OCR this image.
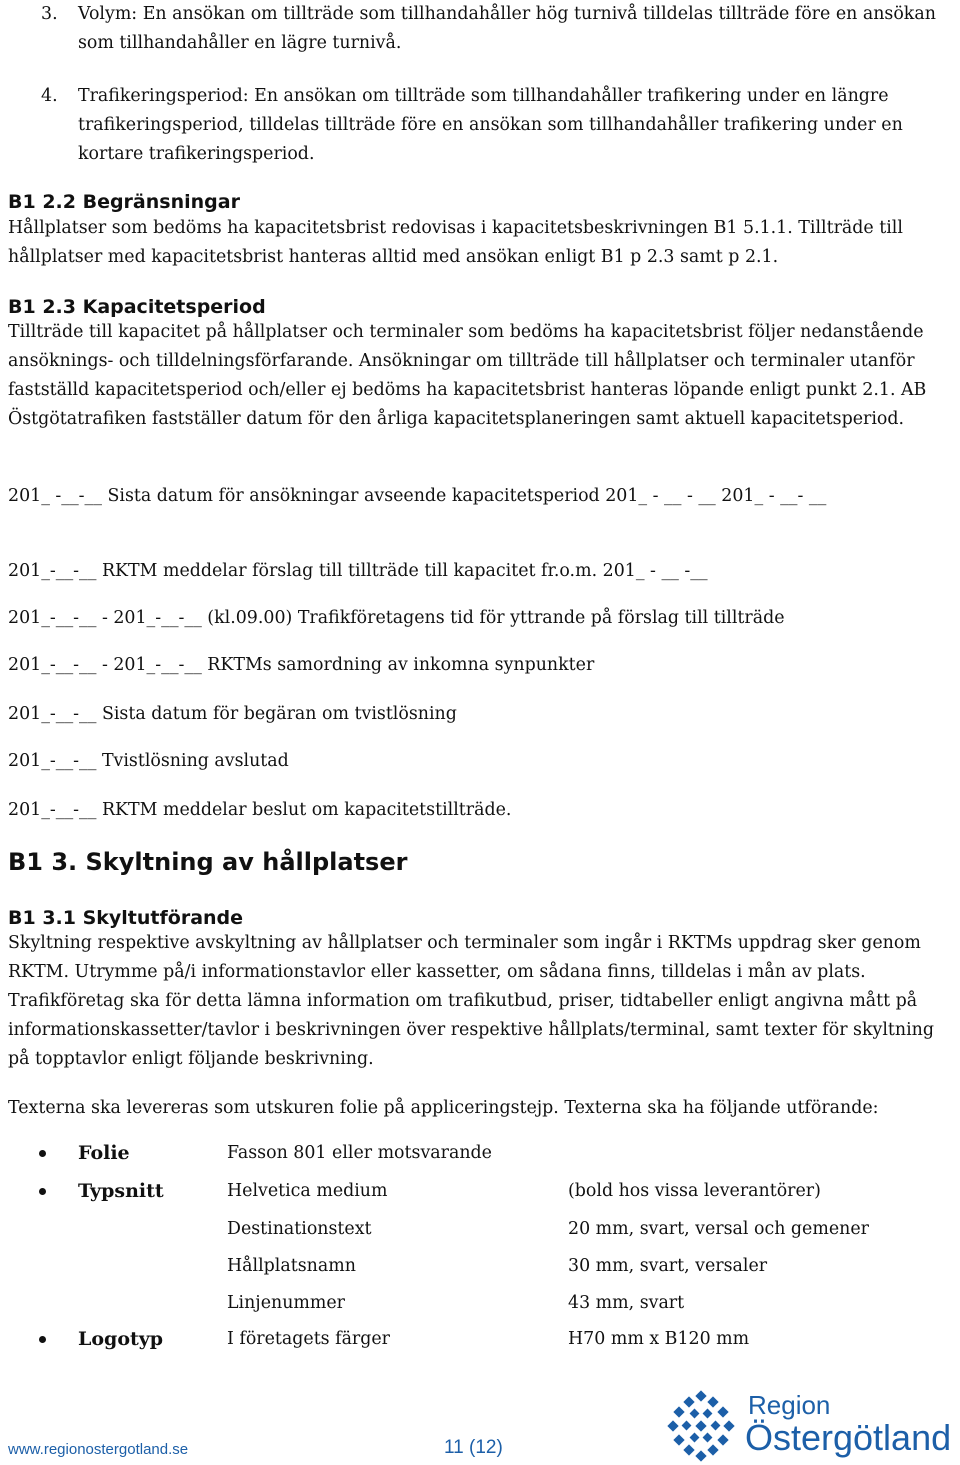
3. Volym: En ansökan om tillträde som tillhandahåller hög turnivå tilldelas tillträde före en ansökan som tillhandahåller en lägre turnivå.
4. Trafikeringsperiod: En ansökan om tillträde som tillhandahåller trafikering under en längre trafikeringsperiod, tilldelas tillträde före en ansökan som tillhandahåller trafikering under en kortare trafikeringsperiod.
B1 2.2 Begränsningar
Hållplatser som bedöms ha kapacitetsbrist redovisas i kapacitetsbeskrivningen B1 5.1.1. Tillträde till hållplatser med kapacitetsbrist hanteras alltid med ansökan enligt B1 p 2.3 samt p 2.1.
B1 2.3 Kapacitetsperiod
Tillträde till kapacitet på hållplatser och terminaler som bedöms ha kapacitetsbrist följer nedanstående ansöknings- och tilldelningsförfarande. Ansökningar om tillträde till hållplatser och terminaler utanför fastställd kapacitetsperiod och/eller ej bedöms ha kapacitetsbrist hanteras löpande enligt punkt 2.1. AB Östgötatrafiken fastställer datum för den årliga kapacitetsplaneringen samt aktuell kapacitetsperiod.
201_ -__-__ Sista datum för ansökningar avseende kapacitetsperiod 201_ - __ - __ 201_ - __- __
201_-__-__ RKTM meddelar förslag till tillträde till kapacitet fr.o.m. 201_ - __ -__
201_-__-__ - 201_-__-__ (kl.09.00) Trafikföretagens tid för yttrande på förslag till tillträde
201_-__-__ - 201_-__-__ RKTMs samordning av inkomna synpunkter
201_-__-__ Sista datum för begäran om tvistlösning
201_-__-__ Tvistlösning avslutad
201_-__-__ RKTM meddelar beslut om kapacitetstillträde.
B1 3. Skyltning av hållplatser
B1 3.1 Skyltutförande
Skyltning respektive avskyltning av hållplatser och terminaler som ingår i RKTMs uppdrag sker genom RKTM. Utrymme på/i informationstavlor eller kassetter, om sådana finns, tilldelas i mån av plats. Trafikföretag ska för detta lämna information om trafikutbud, priser, tidtabeller enligt angivna mått på informationskassetter/tavlor i beskrivningen över respektive hållplats/terminal, samt texter för skyltning på topptavlor enligt följande beskrivning.
Texterna ska levereras som utskuren folie på appliceringstejp. Texterna ska ha följande utförande:
Folie	Fasson 801 eller motsvarande
Typsnitt	Helvetica medium	(bold hos vissa leverantörer)
Destinationstext	20 mm, svart, versal och gemener
Hållplatsnamn	30 mm, svart, versaler
Linjenummer	43 mm, svart
Logotyp	I företagets färger	H70 mm x B120 mm
www.regionostergotland.se	11 (12)
Region
Östergötland
